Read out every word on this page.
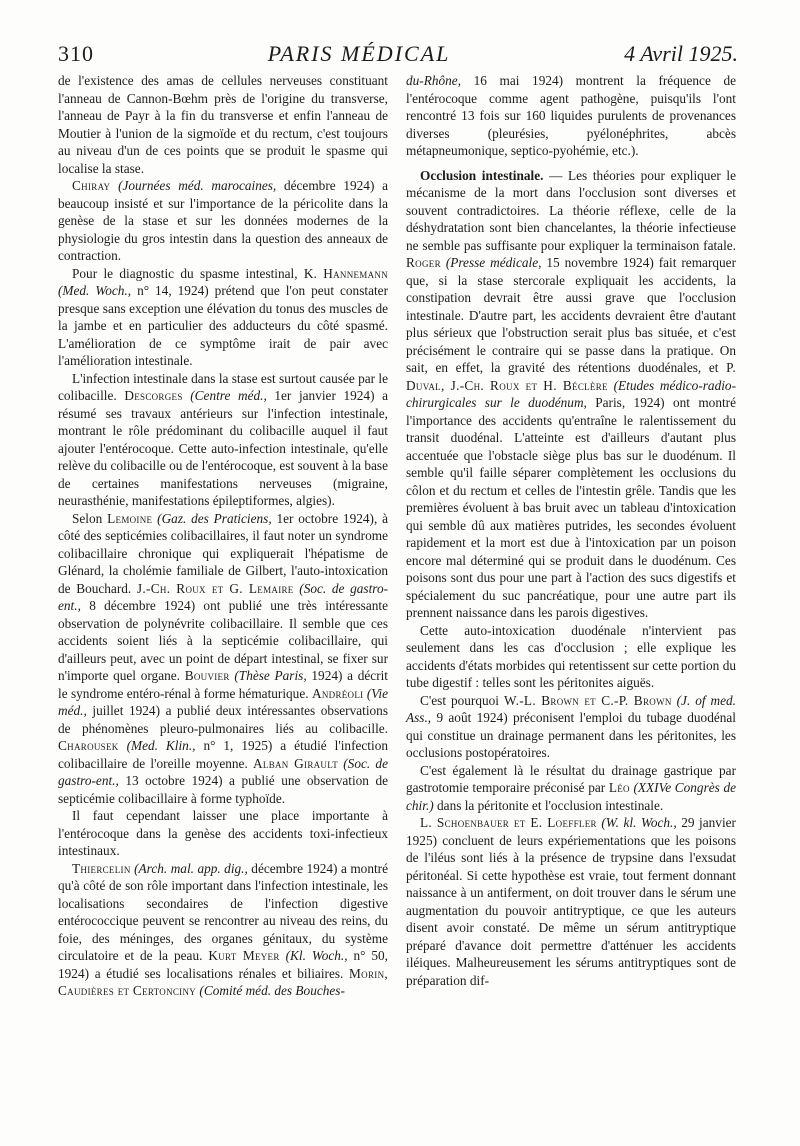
310	PARIS MÉDICAL	4 Avril 1925.

de l'existence des amas de cellules nerveuses constituant l'anneau de Cannon-Bœhm près de l'origine du transverse, l'anneau de Payr à la fin du transverse et enfin l'anneau de Moutier à l'union de la sigmoïde et du rectum, c'est toujours au niveau d'un de ces points que se produit le spasme qui localise la stase.

Chiray (Journées méd. marocaines, décembre 1924) a beaucoup insisté et sur l'importance de la péricolite dans la genèse de la stase et sur les données modernes de la physiologie du gros intestin dans la question des anneaux de contraction.

Pour le diagnostic du spasme intestinal, K. Hannemann (Med. Woch., n° 14, 1924) prétend que l'on peut constater presque sans exception une élévation du tonus des muscles de la jambe et en particulier des adducteurs du côté spasmé. L'amélioration de ce symptôme irait de pair avec l'amélioration intestinale.

L'infection intestinale dans la stase est surtout causée par le colibacille. Descorges (Centre méd., 1er janvier 1924) a résumé ses travaux antérieurs sur l'infection intestinale, montrant le rôle prédominant du colibacille auquel il faut ajouter l'entérocoque. Cette auto-infection intestinale, qu'elle relève du colibacille ou de l'entérocoque, est souvent à la base de certaines manifestations nerveuses (migraine, neurasthénie, manifestations épileptiformes, algies).

Selon Lemoine (Gaz. des Praticiens, 1er octobre 1924), à côté des septicémies colibacillaires, il faut noter un syndrome colibacillaire chronique qui expliquerait l'hépatisme de Glénard, la cholémie familiale de Gilbert, l'auto-intoxication de Bouchard. J.-Ch. Roux et G. Lemaire (Soc. de gastro-ent., 8 décembre 1924) ont publié une très intéressante observation de polynévrite colibacillaire. Il semble que ces accidents soient liés à la septicémie colibacillaire, qui d'ailleurs peut, avec un point de départ intestinal, se fixer sur n'importe quel organe. Bouvier (Thèse Paris, 1924) a décrit le syndrome entéro-rénal à forme hématurique. Andréoli (Vie méd., juillet 1924) a publié deux intéressantes observations de phénomènes pleuro-pulmonaires liés au colibacille. Charousek (Med. Klin., n° 1, 1925) a étudié l'infection colibacillaire de l'oreille moyenne. Alban Girault (Soc. de gastro-ent., 13 octobre 1924) a publié une observation de septicémie colibacillaire à forme typhoïde.

Il faut cependant laisser une place importante à l'entérocoque dans la genèse des accidents toxi-infectieux intestinaux.

Thiercelin (Arch. mal. app. dig., décembre 1924) a montré qu'à côté de son rôle important dans l'infection intestinale, les localisations secondaires de l'infection digestive entérococcique peuvent se rencontrer au niveau des reins, du foie, des méninges, des organes génitaux, du système circulatoire et de la peau. Kurt Meyer (Kl. Woch., n° 50, 1924) a étudié ses localisations rénales et biliaires. Morin, Caudières et Certonciny (Comité méd. des Bouches-

du-Rhône, 16 mai 1924) montrent la fréquence de l'entérocoque comme agent pathogène, puisqu'ils l'ont rencontré 13 fois sur 160 liquides purulents de provenances diverses (pleurésies, pyélonéphrites, abcès métapneumonique, septico-pyohémie, etc.).

Occlusion intestinale. — Les théories pour expliquer le mécanisme de la mort dans l'occlusion sont diverses et souvent contradictoires. La théorie réflexe, celle de la déshydratation sont bien chancelantes, la théorie infectieuse ne semble pas suffisante pour expliquer la terminaison fatale. Roger (Presse médicale, 15 novembre 1924) fait remarquer que, si la stase stercorale expliquait les accidents, la constipation devrait être aussi grave que l'occlusion intestinale. D'autre part, les accidents devraient être d'autant plus sérieux que l'obstruction serait plus bas située, et c'est précisément le contraire qui se passe dans la pratique. On sait, en effet, la gravité des rétentions duodénales, et P. Duval, J.-Ch. Roux et H. Béclère (Etudes médico-radio-chirurgicales sur le duodénum, Paris, 1924) ont montré l'importance des accidents qu'entraîne le ralentissement du transit duodénal. L'atteinte est d'ailleurs d'autant plus accentuée que l'obstacle siège plus bas sur le duodénum. Il semble qu'il faille séparer complètement les occlusions du côlon et du rectum et celles de l'intestin grêle. Tandis que les premières évoluent à bas bruit avec un tableau d'intoxication qui semble dû aux matières putrides, les secondes évoluent rapidement et la mort est due à l'intoxication par un poison encore mal déterminé qui se produit dans le duodénum. Ces poisons sont dus pour une part à l'action des sucs digestifs et spécialement du suc pancréatique, pour une autre part ils prennent naissance dans les parois digestives.

Cette auto-intoxication duodénale n'intervient pas seulement dans les cas d'occlusion ; elle explique les accidents d'états morbides qui retentissent sur cette portion du tube digestif : telles sont les péritonites aiguës.

C'est pourquoi W.-L. Brown et C.-P. Brown (J. of med. Ass., 9 août 1924) préconisent l'emploi du tubage duodénal qui constitue un drainage permanent dans les péritonites, les occlusions postopératoires.

C'est également là le résultat du drainage gastrique par gastrotomie temporaire préconisé par Léo (XXIVe Congrès de chir.) dans la péritonite et l'occlusion intestinale.

L. Schoenbauer et E. Loeffler (W. kl. Woch., 29 janvier 1925) concluent de leurs expériementations que les poisons de l'iléus sont liés à la présence de trypsine dans l'exsudat péritonéal. Si cette hypothèse est vraie, tout ferment donnant naissance à un antiferment, on doit trouver dans le sérum une augmentation du pouvoir antitryptique, ce que les auteurs disent avoir constaté. De même un sérum antitryptique préparé d'avance doit permettre d'atténuer les accidents iléiques. Malheureusement les sérums antitryptiques sont de préparation dif-
